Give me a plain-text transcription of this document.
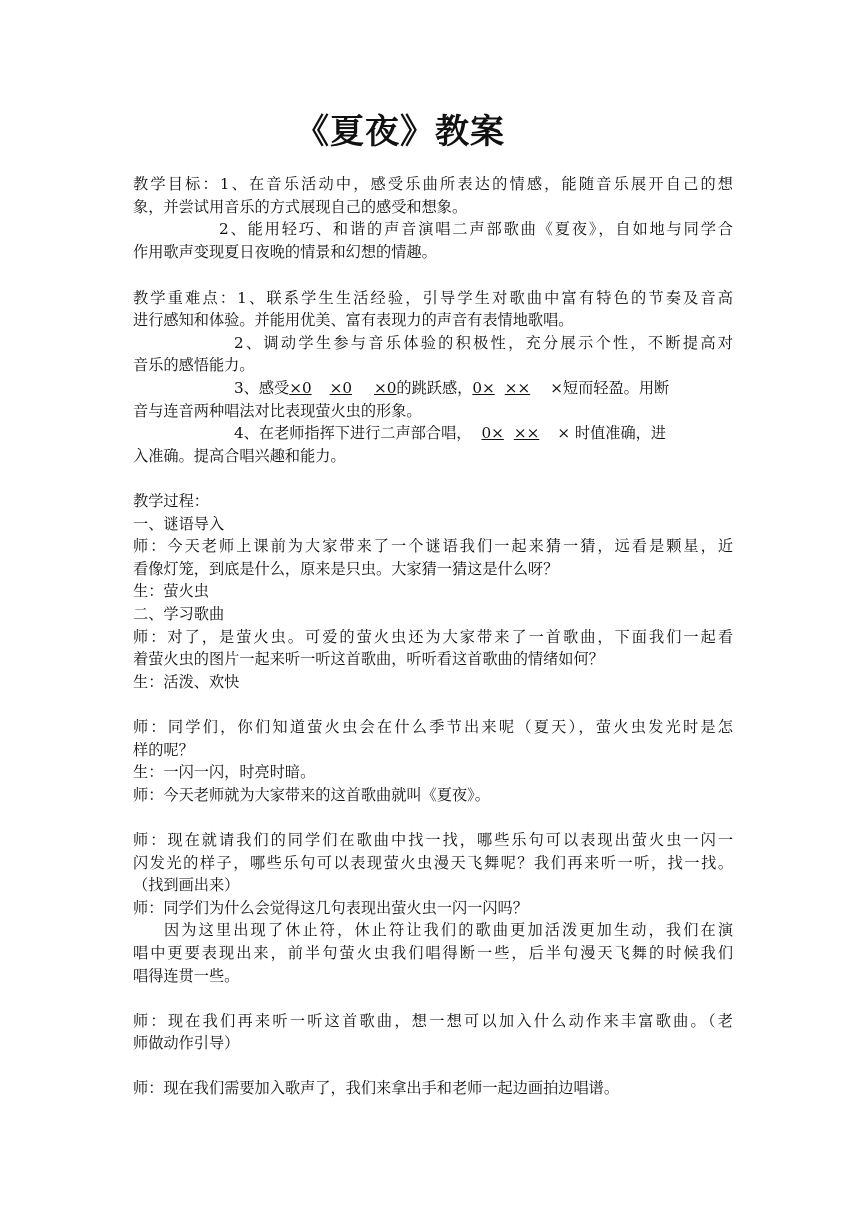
《夏夜》教案
教学目标：1、在音乐活动中，感受乐曲所表达的情感，能随音乐展开自己的想
象，并尝试用音乐的方式展现自己的感受和想象。
2、能用轻巧、和谐的声音演唱二声部歌曲《夏夜》，自如地与同学合
作用歌声变现夏日夜晚的情景和幻想的情趣。
教学重难点：1、联系学生生活经验，引导学生对歌曲中富有特色的节奏及音高
进行感知和体验。并能用优美、富有表现力的声音有表情地歌唱。
2、调动学生参与音乐体验的积极性，充分展示个性，不断提高对
音乐的感悟能力。
3、感受×0 ×0 ×0的跳跃感，0× ×× ×短而轻盈。用断
音与连音两种唱法对比表现萤火虫的形象。
4、在老师指挥下进行二声部合唱， 0× ×× × 时值准确，进
入准确。提高合唱兴趣和能力。
教学过程：
一、谜语导入
师：今天老师上课前为大家带来了一个谜语我们一起来猜一猜，远看是颗星，近
看像灯笼，到底是什么，原来是只虫。大家猜一猜这是什么呀？
生：萤火虫
二、学习歌曲
师：对了，是萤火虫。可爱的萤火虫还为大家带来了一首歌曲，下面我们一起看
着萤火虫的图片一起来听一听这首歌曲，听听看这首歌曲的情绪如何？
生：活泼、欢快
师：同学们，你们知道萤火虫会在什么季节出来呢（夏天），萤火虫发光时是怎
样的呢？
生：一闪一闪，时亮时暗。
师：今天老师就为大家带来的这首歌曲就叫《夏夜》。
师：现在就请我们的同学们在歌曲中找一找，哪些乐句可以表现出萤火虫一闪一
闪发光的样子，哪些乐句可以表现萤火虫漫天飞舞呢？我们再来听一听，找一找。
（找到画出来）
师：同学们为什么会觉得这几句表现出萤火虫一闪一闪吗？
因为这里出现了休止符，休止符让我们的歌曲更加活泼更加生动，我们在演
唱中更要表现出来，前半句萤火虫我们唱得断一些，后半句漫天飞舞的时候我们
唱得连贯一些。
师：现在我们再来听一听这首歌曲，想一想可以加入什么动作来丰富歌曲。（老
师做动作引导）
师：现在我们需要加入歌声了，我们来拿出手和老师一起边画拍边唱谱。
